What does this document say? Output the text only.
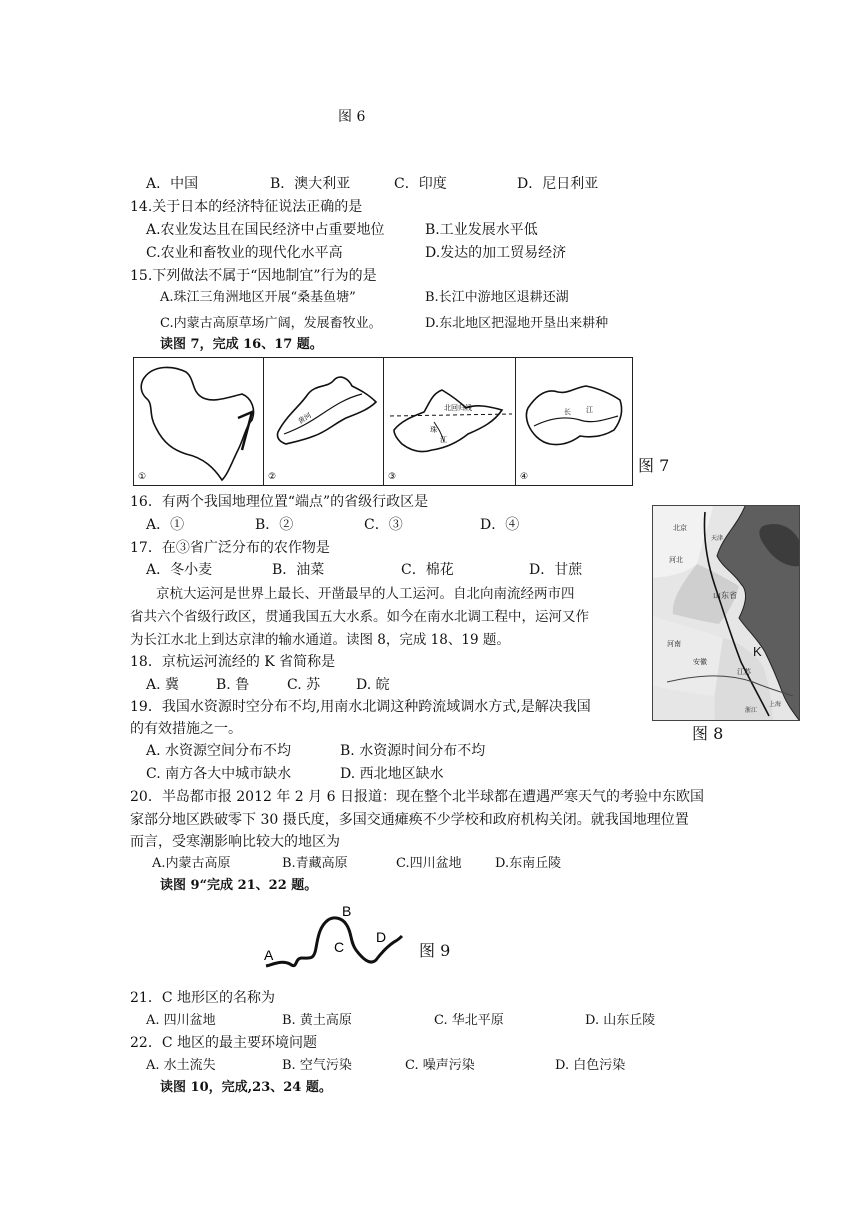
图 6
A．中国	B．澳大利亚	C．印度	D．尼日利亚
14.关于日本的经济特征说法正确的是
A.农业发达且在国民经济中占重要地位	B.工业发展水平低
C.农业和畜牧业的现代化水平高	D.发达的加工贸易经济
15.下列做法不属于“因地制宜”行为的是
A.珠江三角洲地区开展“桑基鱼塘”	B.长江中游地区退耕还湖
C.内蒙古高原草场广阔，发展畜牧业。	D.东北地区把湿地开垦出来耕种
读图 7，完成 16、17 题。
①
黄河
②
北回归线
珠
江
③
长 江
④
图 7
16．有两个我国地理位置“端点”的省级行政区是
A．①	B．②	C．③	D．④
17．在③省广泛分布的农作物是
A．冬小麦	B．油菜	C．棉花	D．甘蔗
京杭大运河是世界上最长、开凿最早的人工运河。自北向南流经两市四
省共六个省级行政区，贯通我国五大水系。如今在南水北调工程中，运河又作
为长江水北上到达京津的输水通道。读图 8，完成 18、19 题。
18．京杭运河流经的 K 省简称是
A. 冀	B. 鲁	C. 苏	D. 皖
19．我国水资源时空分布不均,用南水北调这种跨流域调水方式,是解决我国
的有效措施之一。
A. 水资源空间分布不均	B. 水资源时间分布不均
C. 南方各大中城市缺水	D. 西北地区缺水
北京
天津
河北
山东省
河南
安徽
江苏
上海
浙江
K
图 8
20．半岛都市报 2012 年 2 月 6 日报道：现在整个北半球都在遭遇严寒天气的考验中东欧国
家部分地区跌破零下 30 摄氏度，多国交通瘫痪不少学校和政府机构关闭。就我国地理位置
而言，受寒潮影响比较大的地区为
A.内蒙古高原	B.青藏高原	C.四川盆地	D.东南丘陵
读图 9“完成 21、22 题。
A
B
C
D
图 9
21．C 地形区的名称为
A. 四川盆地	B. 黄土高原	C. 华北平原	D. 山东丘陵
22．C 地区的最主要环境问题
A. 水土流失	B. 空气污染	C. 噪声污染	D. 白色污染
读图 10，完成,23、24 题。
